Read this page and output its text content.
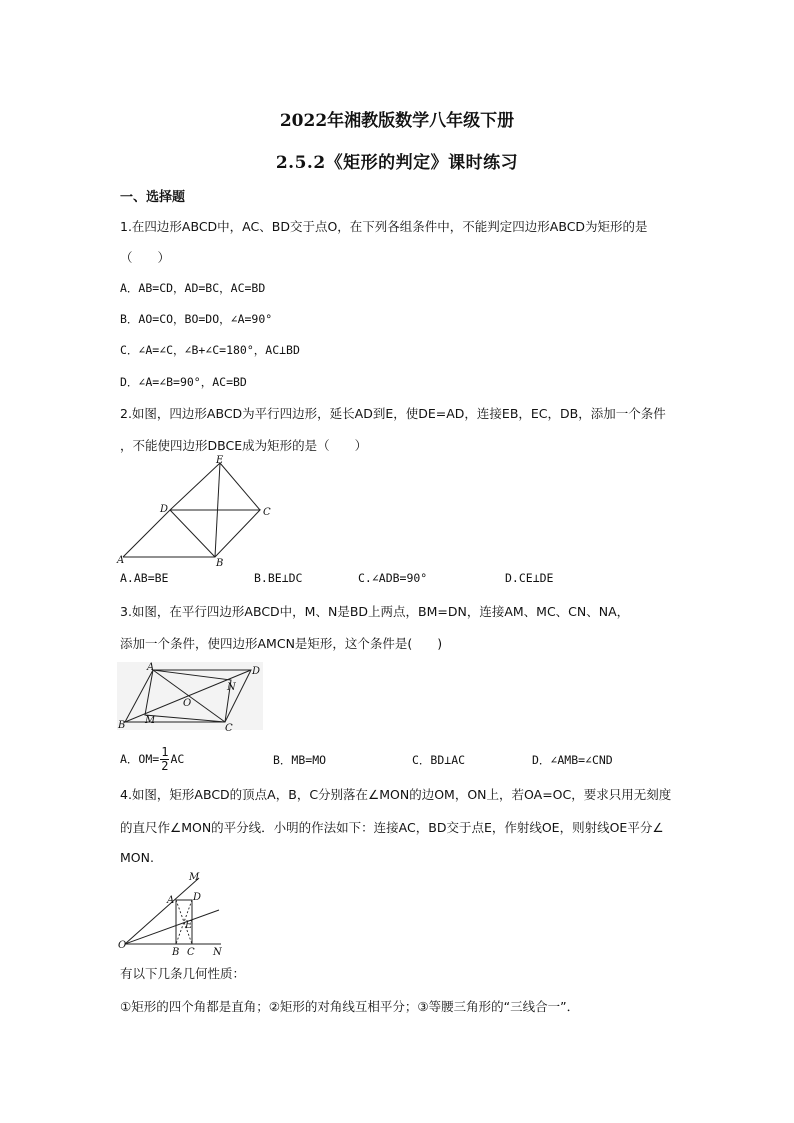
2022年湘教版数学八年级下册
2.5.2《矩形的判定》课时练习
一、选择题
1.在四边形ABCD中，AC、BD交于点O，在下列各组条件中，不能判定四边形ABCD为矩形的是
（　　）
A．AB=CD，AD=BC，AC=BD
B．AO=CO，BO=DO，∠A=90°
C．∠A=∠C，∠B+∠C=180°，AC⊥BD
D．∠A=∠B=90°，AC=BD
2.如图，四边形ABCD为平行四边形，延长AD到E，使DE=AD，连接EB，EC，DB，添加一个条件
，不能使四边形DBCE成为矩形的是（　　）
E
D	C
A	B
A.AB=BE	B.BE⊥DC	C.∠ADB=90°	D.CE⊥DE
3.如图，在平行四边形ABCD中，M、N是BD上两点，BM=DN，连接AM、MC、CN、NA，
添加一个条件，使四边形AMCN是矩形，这个条件是(　　)
A	D
N
O
B M
C
A．$OM= \frac{1}{2}$ AC	B．MB=MO	C．BD⊥AC	D．∠AMB=∠CND
4.如图，矩形ABCD的顶点A，B，C分别落在∠MON的边OM，ON上，若OA=OC，要求只用无刻度
的直尺作∠MON的平分线．小明的作法如下：连接AC，BD交于点E，作射线OE，则射线OE平分∠
MON.
M
A D
E
O
B C N
有以下几条几何性质：
①矩形的四个角都是直角；②矩形的对角线互相平分；③等腰三角形的“三线合一”．
